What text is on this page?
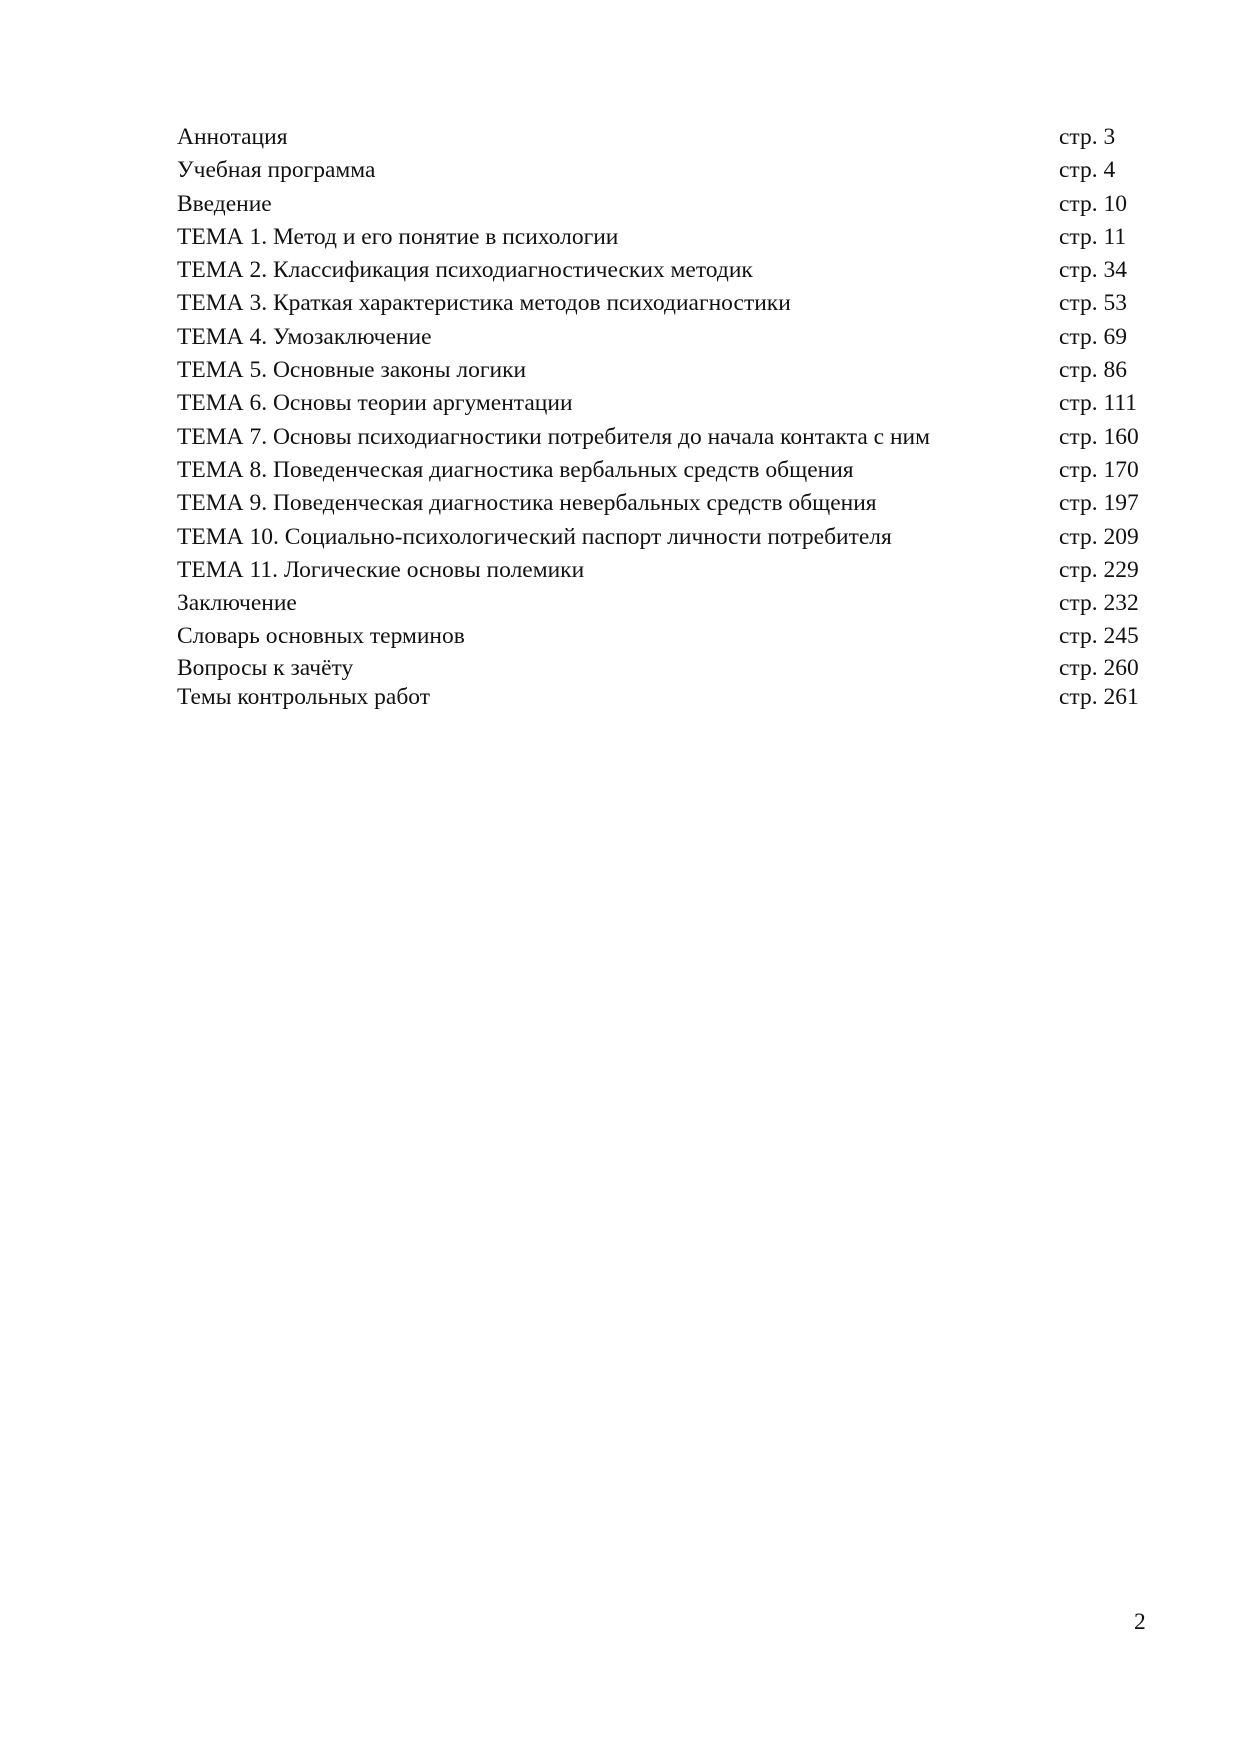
Аннотация	стр. 3
Учебная программа	стр. 4
Введение	стр. 10
ТЕМА 1. Метод и его понятие в психологии	стр. 11
ТЕМА 2. Классификация психодиагностических методик	стр. 34
ТЕМА 3. Краткая характеристика методов психодиагностики	стр. 53
ТЕМА 4. Умозаключение	стр. 69
ТЕМА 5. Основные законы логики	стр. 86
ТЕМА 6. Основы теории аргументации	стр. 111
ТЕМА 7. Основы психодиагностики потребителя до начала контакта с ним	стр. 160
ТЕМА 8. Поведенческая диагностика вербальных средств общения	стр. 170
ТЕМА 9. Поведенческая диагностика невербальных средств общения	стр. 197
ТЕМА 10. Социально-психологический паспорт личности потребителя	стр. 209
ТЕМА 11. Логические основы полемики	стр. 229
Заключение	стр. 232
Словарь основных терминов	стр. 245
Вопросы к зачёту	стр. 260
Темы контрольных работ	стр. 261
2
